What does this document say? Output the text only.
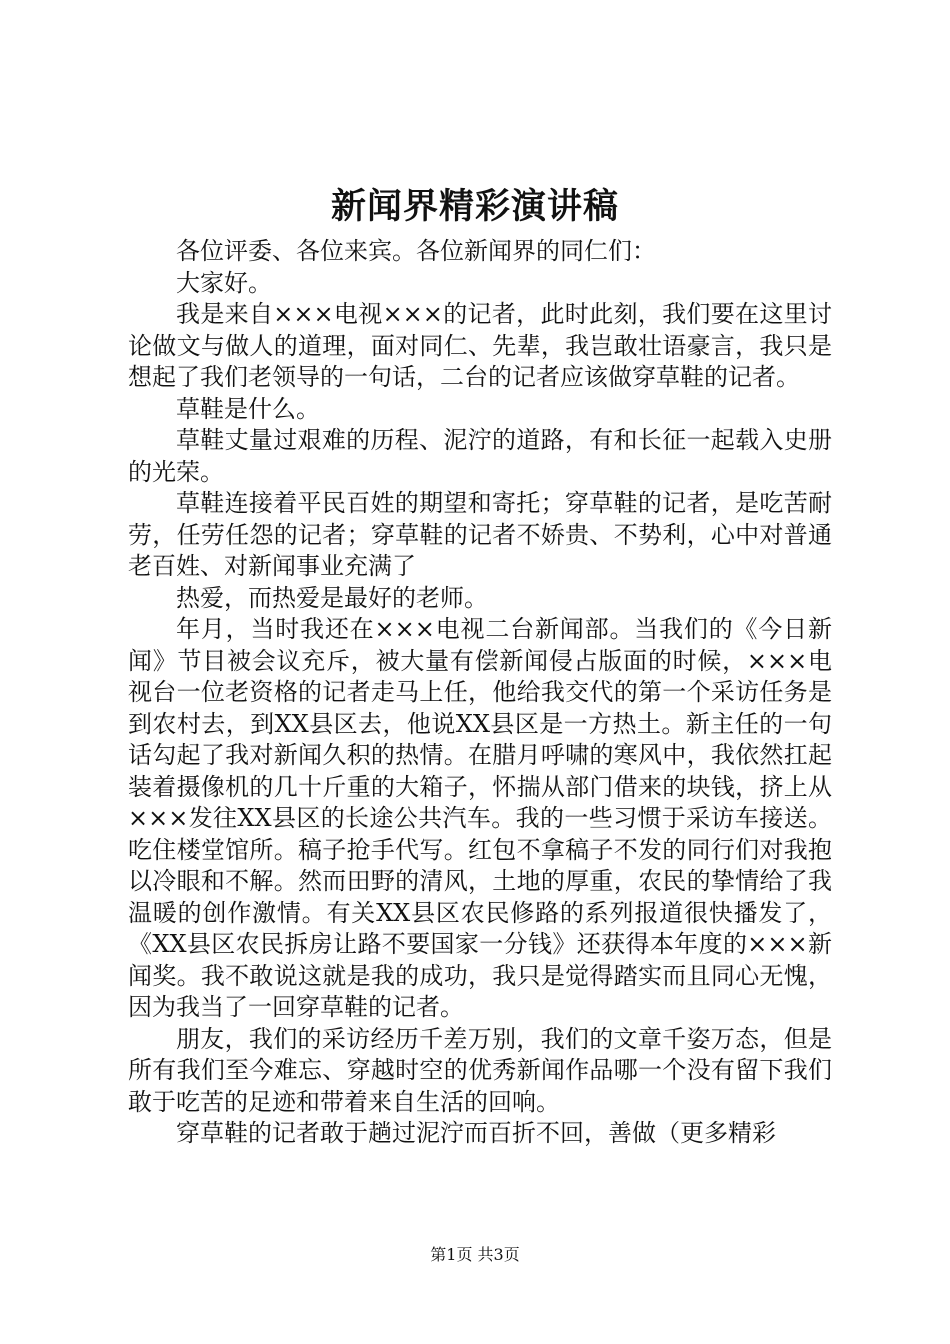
新闻界精彩演讲稿

各位评委、各位来宾。各位新闻界的同仁们：

大家好。

我是来自×××电视×××的记者，此时此刻，我们要在这里讨论做文与做人的道理，面对同仁、先辈，我岂敢壮语豪言，我只是想起了我们老领导的一句话，二台的记者应该做穿草鞋的记者。

草鞋是什么。

草鞋丈量过艰难的历程、泥泞的道路，有和长征一起载入史册的光荣。

草鞋连接着平民百姓的期望和寄托；穿草鞋的记者，是吃苦耐劳，任劳任怨的记者；穿草鞋的记者不娇贵、不势利，心中对普通老百姓、对新闻事业充满了

热爱，而热爱是最好的老师。

年月，当时我还在×××电视二台新闻部。当我们的《今日新闻》节目被会议充斥，被大量有偿新闻侵占版面的时候，×××电视台一位老资格的记者走马上任，他给我交代的第一个采访任务是到农村去，到XX县区去，他说XX县区是一方热土。新主任的一句话勾起了我对新闻久积的热情。在腊月呼啸的寒风中，我依然扛起装着摄像机的几十斤重的大箱子，怀揣从部门借来的块钱，挤上从×××发往XX县区的长途公共汽车。我的一些习惯于采访车接送。吃住楼堂馆所。稿子抢手代写。红包不拿稿子不发的同行们对我抱以冷眼和不解。然而田野的清风，土地的厚重，农民的挚情给了我温暖的创作激情。有关XX县区农民修路的系列报道很快播发了，《XX县区农民拆房让路不要国家一分钱》还获得本年度的×××新闻奖。我不敢说这就是我的成功，我只是觉得踏实而且同心无愧，因为我当了一回穿草鞋的记者。

朋友，我们的采访经历千差万别，我们的文章千姿万态，但是所有我们至今难忘、穿越时空的优秀新闻作品哪一个没有留下我们敢于吃苦的足迹和带着来自生活的回响。

穿草鞋的记者敢于趟过泥泞而百折不回，善做（更多精彩

第1页 共3页
